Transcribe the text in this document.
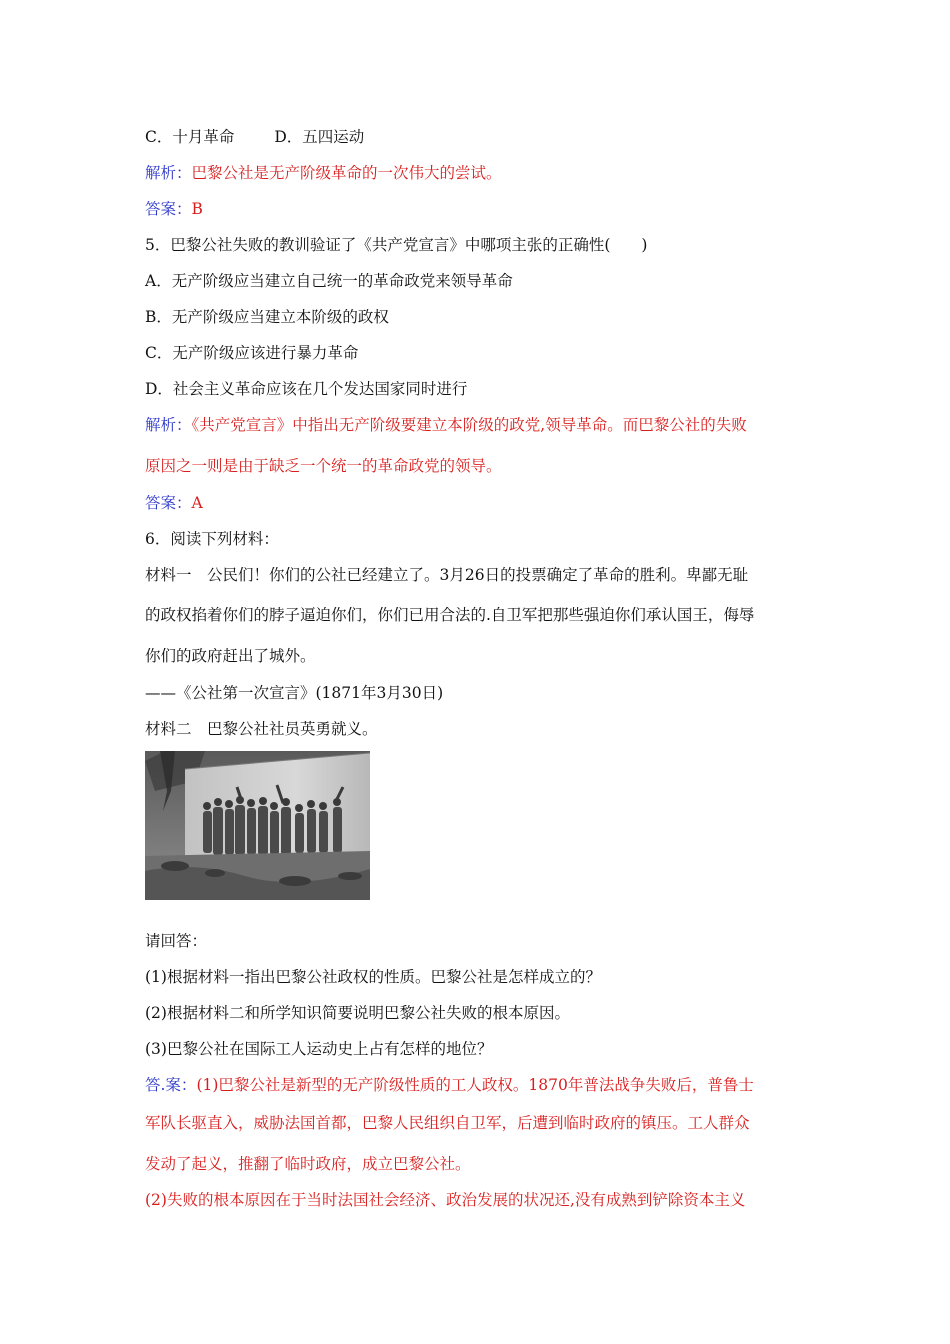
C．十月革命	D．五四运动
解析：巴黎公社是无产阶级革命的一次伟大的尝试。
答案：B
5．巴黎公社失败的教训验证了《共产党宣言》中哪项主张的正确性(　　)
A．无产阶级应当建立自己统一的革命政党来领导革命
B．无产阶级应当建立本阶级的政权
C．无产阶级应该进行暴力革命
D．社会主义革命应该在几个发达国家同时进行
解析：《共产党宣言》中指出无产阶级要建立本阶级的政党,领导革命。而巴黎公社的失败
原因之一则是由于缺乏一个统一的革命政党的领导。
答案：A
6．阅读下列材料：
材料一　公民们！你们的公社已经建立了。3月26日的投票确定了革命的胜利。卑鄙无耻
的政权掐着你们的脖子逼迫你们，你们已用合法的.自卫军把那些强迫你们承认国王，侮辱
你们的政府赶出了城外。
——《公社第一次宣言》(1871年3月30日)
材料二　巴黎公社社员英勇就义。
请回答：
(1)根据材料一指出巴黎公社政权的性质。巴黎公社是怎样成立的？
(2)根据材料二和所学知识简要说明巴黎公社失败的根本原因。
(3)巴黎公社在国际工人运动史上占有怎样的地位？
答.案：(1)巴黎公社是新型的无产阶级性质的工人政权。1870年普法战争失败后，普鲁士
军队长驱直入，威胁法国首都，巴黎人民组织自卫军，后遭到临时政府的镇压。工人群众
发动了起义，推翻了临时政府，成立巴黎公社。
(2)失败的根本原因在于当时法国社会经济、政治发展的状况还,没有成熟到铲除资本主义
